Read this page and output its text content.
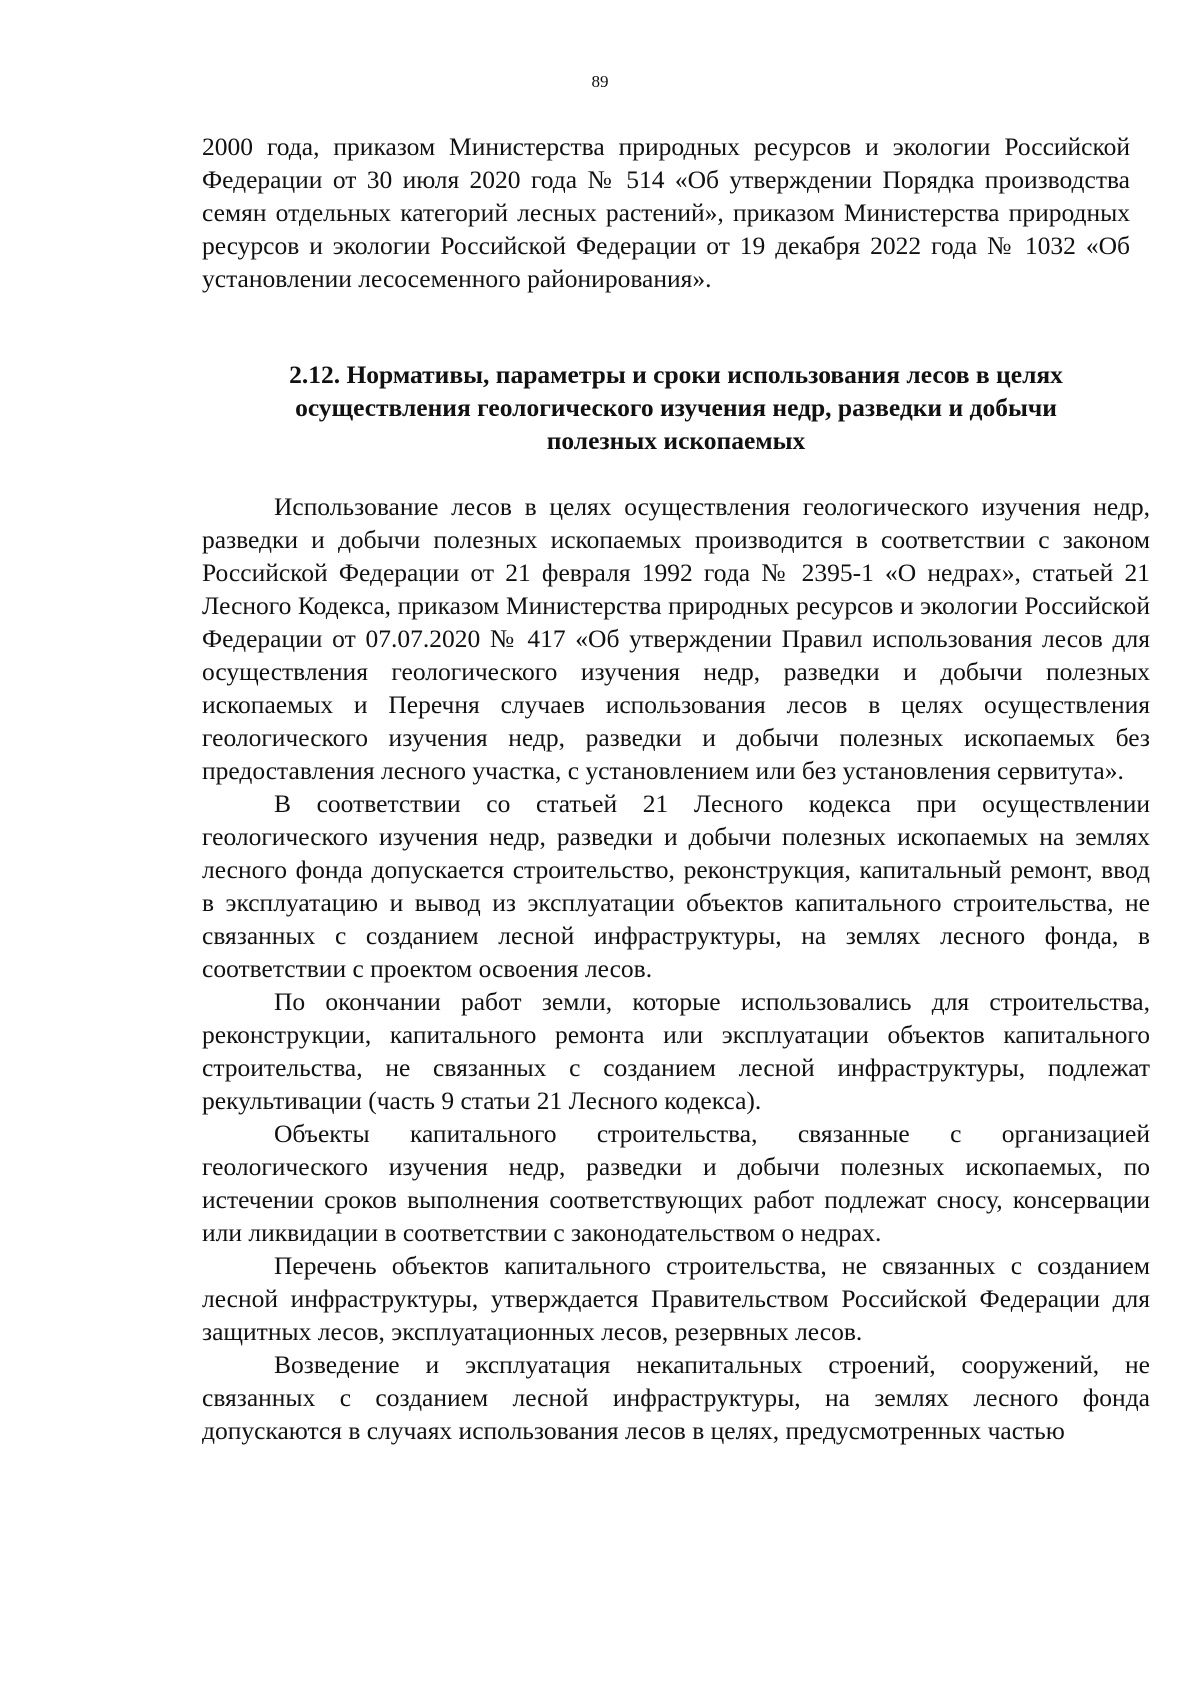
89

2000 года, приказом Министерства природных ресурсов и экологии Российской Федерации от 30 июля 2020 года № 514 «Об утверждении Порядка производства семян отдельных категорий лесных растений», приказом Министерства природных ресурсов и экологии Российской Федерации от 19 декабря 2022 года № 1032 «Об установлении лесосеменного районирования».

2.12. Нормативы, параметры и сроки использования лесов в целях
осуществления геологического изучения недр, разведки и добычи
полезных ископаемых

Использование лесов в целях осуществления геологического изучения недр, разведки и добычи полезных ископаемых производится в соответствии с законом Российской Федерации от 21 февраля 1992 года № 2395-1 «О недрах», статьей 21 Лесного Кодекса, приказом Министерства природных ресурсов и экологии Российской Федерации от 07.07.2020 № 417 «Об утверждении Правил использования лесов для осуществления геологического изучения недр, разведки и добычи полезных ископаемых и Перечня случаев использования лесов в целях осуществления геологического изучения недр, разведки и добычи полезных ископаемых без предоставления лесного участка, с установлением или без установления сервитута».

В соответствии со статьей 21 Лесного кодекса при осуществлении геологического изучения недр, разведки и добычи полезных ископаемых на землях лесного фонда допускается строительство, реконструкция, капитальный ремонт, ввод в эксплуатацию и вывод из эксплуатации объектов капитального строительства, не связанных с созданием лесной инфраструктуры, на землях лесного фонда, в соответствии с проектом освоения лесов.

По окончании работ земли, которые использовались для строительства, реконструкции, капитального ремонта или эксплуатации объектов капитального строительства, не связанных с созданием лесной инфраструктуры, подлежат рекультивации (часть 9 статьи 21 Лесного кодекса).

Объекты капитального строительства, связанные с организацией геологического изучения недр, разведки и добычи полезных ископаемых, по истечении сроков выполнения соответствующих работ подлежат сносу, консервации или ликвидации в соответствии с законодательством о недрах.

Перечень объектов капитального строительства, не связанных с созданием лесной инфраструктуры, утверждается Правительством Российской Федерации для защитных лесов, эксплуатационных лесов, резервных лесов.

Возведение и эксплуатация некапитальных строений, сооружений, не связанных с созданием лесной инфраструктуры, на землях лесного фонда допускаются в случаях использования лесов в целях, предусмотренных частью
